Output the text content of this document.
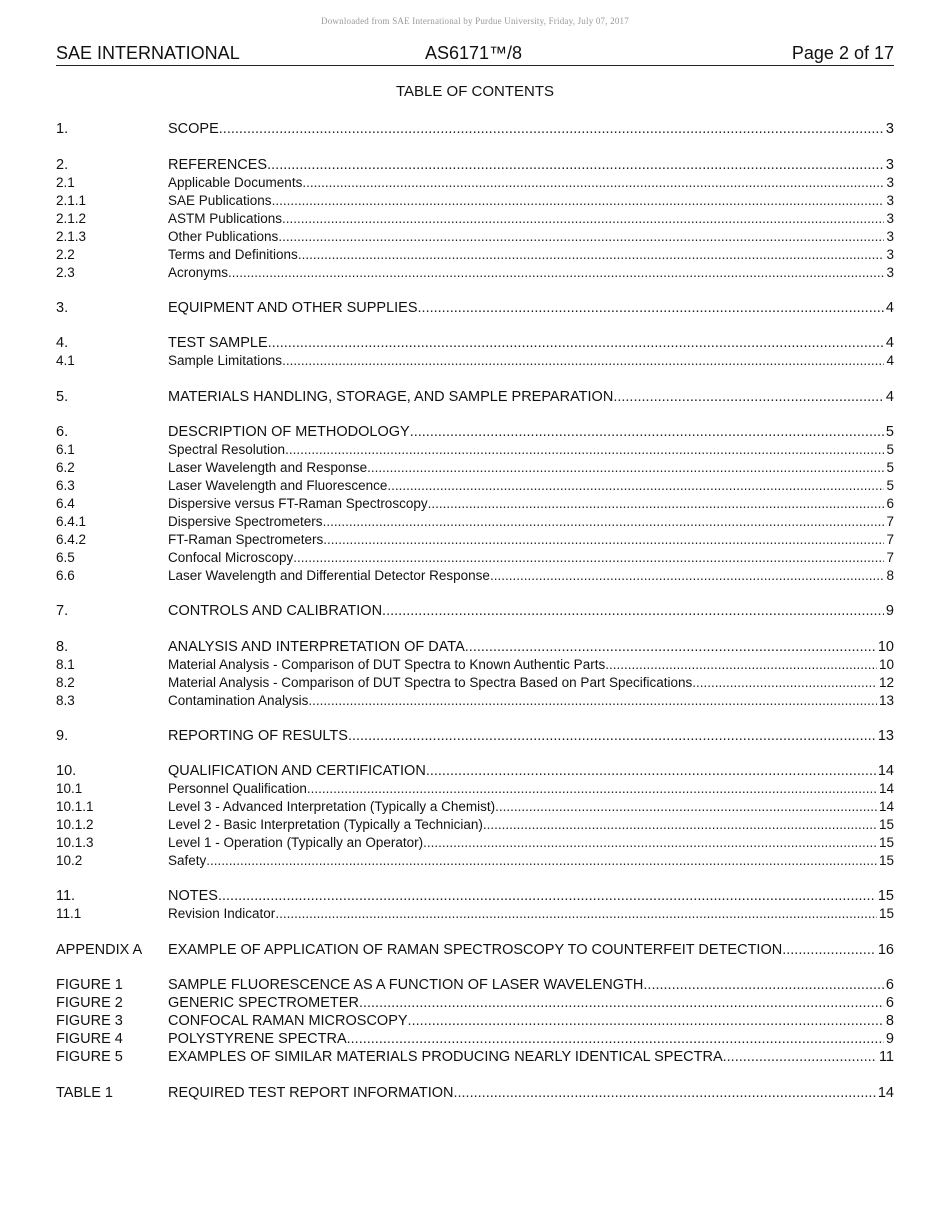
Downloaded from SAE International by Purdue University, Friday, July 07, 2017
SAE INTERNATIONAL	AS6171™/8	Page 2 of 17
TABLE OF CONTENTS
1.	SCOPE .....	3
2.	REFERENCES .....	3
2.1	Applicable Documents .....	3
2.1.1	SAE Publications .....	3
2.1.2	ASTM Publications .....	3
2.1.3	Other Publications .....	3
2.2	Terms and Definitions .....	3
2.3	Acronyms .....	3
3.	EQUIPMENT AND OTHER SUPPLIES .....	4
4.	TEST SAMPLE .....	4
4.1	Sample Limitations .....	4
5.	MATERIALS HANDLING, STORAGE, AND SAMPLE PREPARATION .....	4
6.	DESCRIPTION OF METHODOLOGY .....	5
6.1	Spectral Resolution .....	5
6.2	Laser Wavelength and Response .....	5
6.3	Laser Wavelength and Fluorescence .....	5
6.4	Dispersive versus FT-Raman Spectroscopy .....	6
6.4.1	Dispersive Spectrometers .....	7
6.4.2	FT-Raman Spectrometers .....	7
6.5	Confocal Microscopy .....	7
6.6	Laser Wavelength and Differential Detector Response .....	8
7.	CONTROLS AND CALIBRATION .....	9
8.	ANALYSIS AND INTERPRETATION OF DATA .....	10
8.1	Material Analysis - Comparison of DUT Spectra to Known Authentic Parts .....	10
8.2	Material Analysis - Comparison of DUT Spectra to Spectra Based on Part Specifications .....	12
8.3	Contamination Analysis .....	13
9.	REPORTING OF RESULTS .....	13
10.	QUALIFICATION AND CERTIFICATION .....	14
10.1	Personnel Qualification .....	14
10.1.1	Level 3 - Advanced Interpretation (Typically a Chemist) .....	14
10.1.2	Level 2 - Basic Interpretation (Typically a Technician) .....	15
10.1.3	Level 1 - Operation (Typically an Operator) .....	15
10.2	Safety .....	15
11.	NOTES .....	15
11.1	Revision Indicator .....	15
APPENDIX A	EXAMPLE OF APPLICATION OF RAMAN SPECTROSCOPY TO COUNTERFEIT DETECTION .....	16
FIGURE 1	SAMPLE FLUORESCENCE AS A FUNCTION OF LASER WAVELENGTH .....	6
FIGURE 2	GENERIC SPECTROMETER .....	6
FIGURE 3	CONFOCAL RAMAN MICROSCOPY .....	8
FIGURE 4	POLYSTYRENE SPECTRA .....	9
FIGURE 5	EXAMPLES OF SIMILAR MATERIALS PRODUCING NEARLY IDENTICAL SPECTRA .....	11
TABLE 1	REQUIRED TEST REPORT INFORMATION .....	14
